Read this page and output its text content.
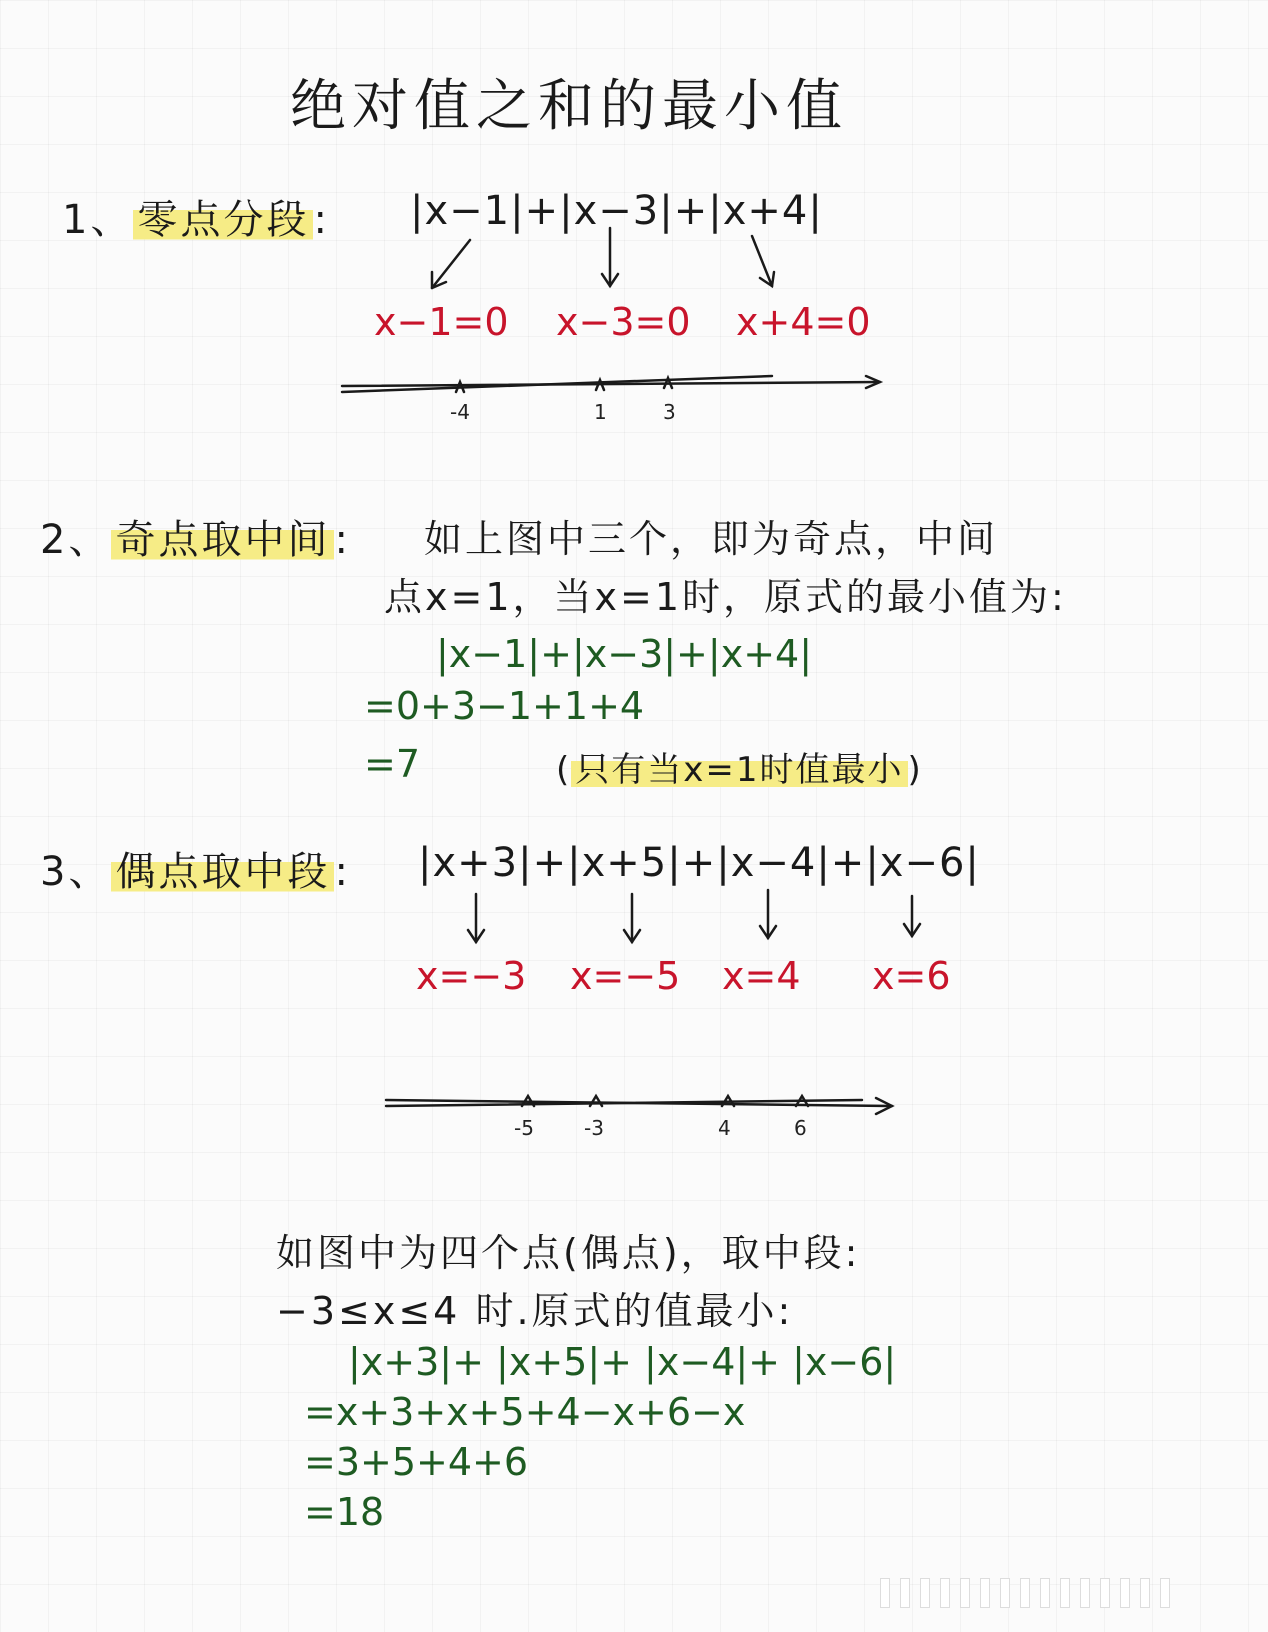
绝对值之和的最小值
1、 零点分段 : |x−1|+|x−3|+|x+4|
x−1=0 x−3=0 x+4=0
-4	1	3
2、 奇点取中间 : 如上图中三个，即为奇点，中间
点x=1，当x=1时，原式的最小值为:
|x−1|+|x−3|+|x+4|
=0+3−1+1+4
=7	( 只有当x=1时值最小 )
3、 偶点取中段 : |x+3|+|x+5|+|x−4|+|x−6|
x=−3 x=−5 x=4 x=6
-5	-3	4	6
如图中为四个点(偶点)，取中段:
−3≤x≤4 时.原式的值最小:
|x+3|+ |x+5|+ |x−4|+ |x−6|
=x+3+x+5+4−x+6−x
=3+5+4+6
=18
